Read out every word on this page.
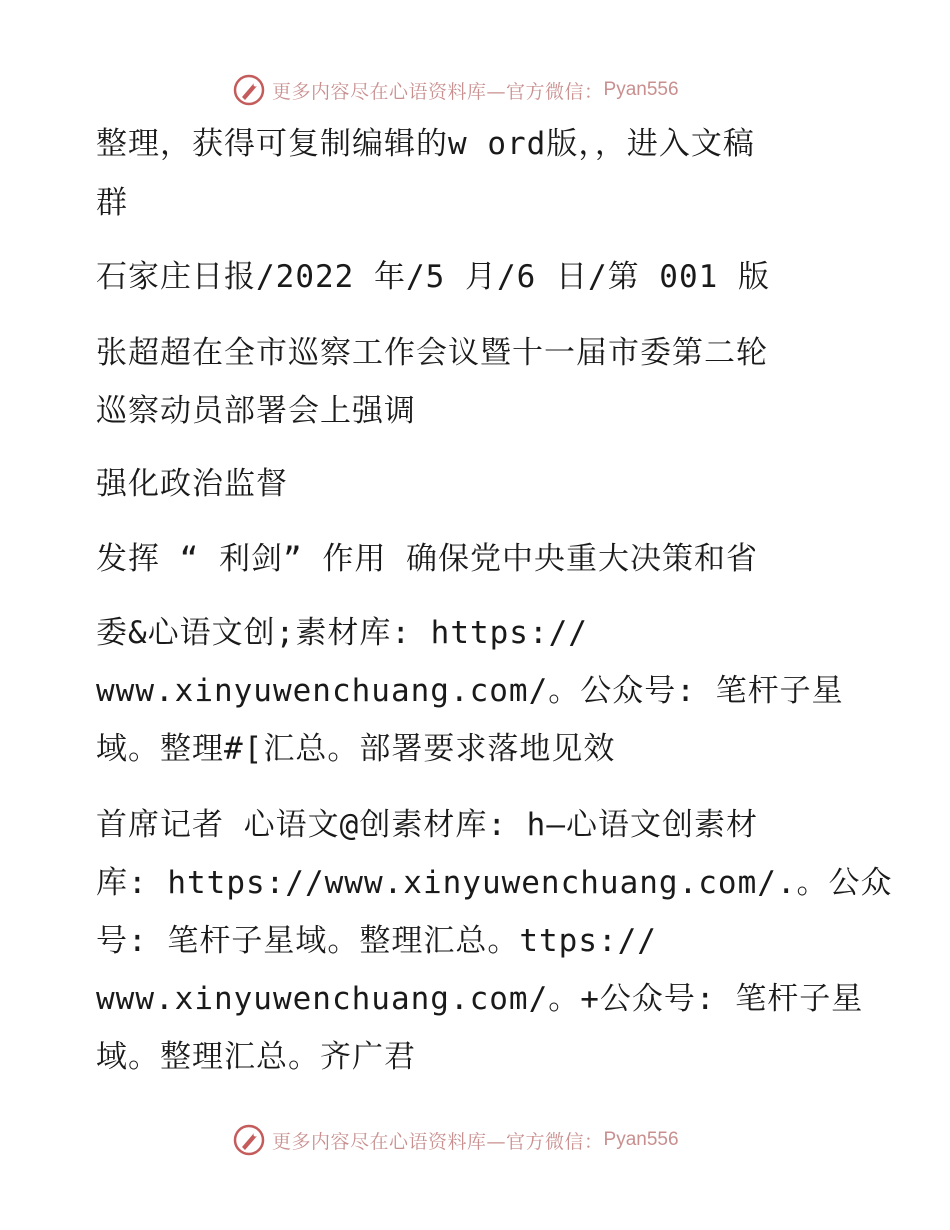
更多内容尽在心语资料库—官方微信： Pyan556
整理，获得可复制编辑的w ord版，，进入文稿
群
石家庄日报/2022 年/5 月/6 日/第 001 版
张超超在全市巡察工作会议暨十一届市委第二轮
巡察动员部署会上强调
强化政治监督
发挥 “ 利剑” 作用 确保党中央重大决策和省
委&心语文创;素材库: https://
www.xinyuwenchuang.com/。公众号: 笔杆子星
域。整理#[汇总。部署要求落地见效
首席记者 心语文@创素材库: h—心语文创素材
库: https://www.xinyuwenchuang.com/.。公众
号: 笔杆子星域。整理汇总。ttps://
www.xinyuwenchuang.com/。+公众号: 笔杆子星
域。整理汇总。齐广君
更多内容尽在心语资料库—官方微信： Pyan556
